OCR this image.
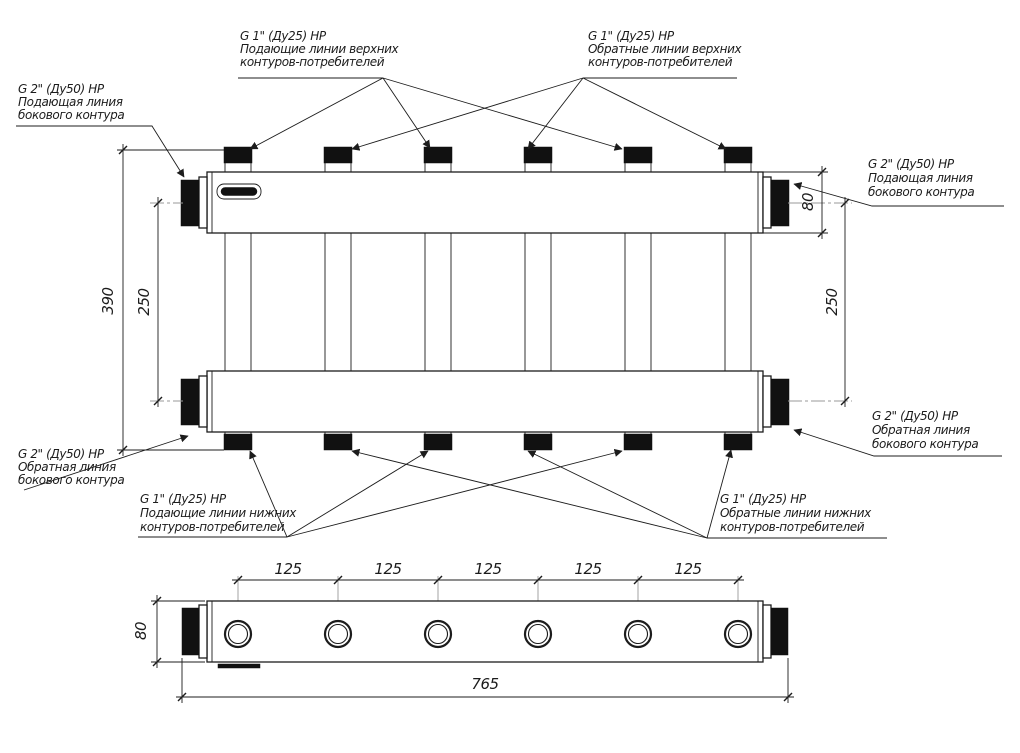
390 250
80
250
G 1" (Ду25) НР
Подающие линии верхних
контуров-потребителей
G 1" (Ду25) НР
Обратные линии верхних
контуров-потребителей
G 2" (Ду50) НР
Подающая линия
бокового контура
G 2" (Ду50) НР
Подающая линия
бокового контура
G 2" (Ду50) НР
Обратная линия
бокового контура
G 2" (Ду50) НР
Обратная линия
бокового контура
G 1" (Ду25) НР
Подающие линии нижних
контуров-потребителей
G 1" (Ду25) НР
Обратные линии нижних
контуров-потребителей
125	125	125	125	125
80
765
